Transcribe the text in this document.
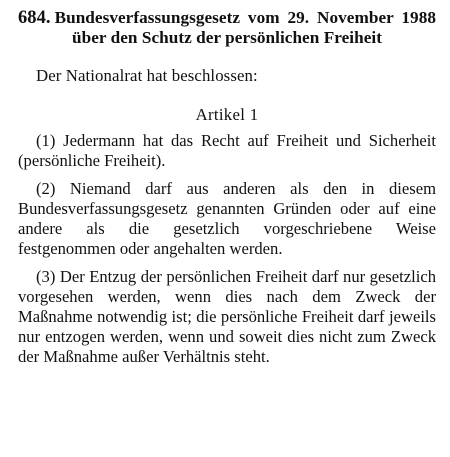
684. Bundesverfassungsgesetz vom 29. November 1988 über den Schutz der persönlichen Freiheit

Der Nationalrat hat beschlossen:

Artikel 1

(1) Jedermann hat das Recht auf Freiheit und Sicherheit (persönliche Freiheit).

(2) Niemand darf aus anderen als den in diesem Bundesverfassungsgesetz genannten Gründen oder auf eine andere als die gesetzlich vorgeschriebene Weise festgenommen oder angehalten werden.

(3) Der Entzug der persönlichen Freiheit darf nur gesetzlich vorgesehen werden, wenn dies nach dem Zweck der Maßnahme notwendig ist; die persönliche Freiheit darf jeweils nur entzogen werden, wenn und soweit dies nicht zum Zweck der Maßnahme außer Verhältnis steht.
